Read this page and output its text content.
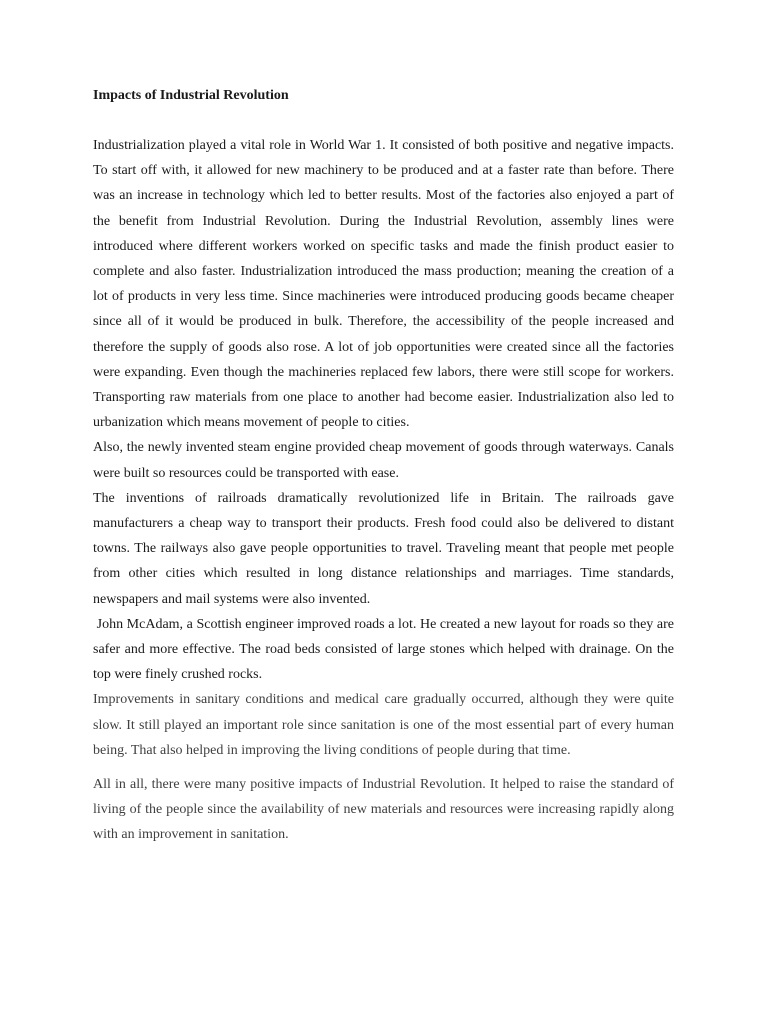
Impacts of Industrial Revolution

Industrialization played a vital role in World War 1. It consisted of both positive and negative impacts. To start off with, it allowed for new machinery to be produced and at a faster rate than before. There was an increase in technology which led to better results. Most of the factories also enjoyed a part of the benefit from Industrial Revolution. During the Industrial Revolution, assembly lines were introduced where different workers worked on specific tasks and made the finish product easier to complete and also faster. Industrialization introduced the mass production; meaning the creation of a lot of products in very less time. Since machineries were introduced producing goods became cheaper since all of it would be produced in bulk. Therefore, the accessibility of the people increased and therefore the supply of goods also rose. A lot of job opportunities were created since all the factories were expanding. Even though the machineries replaced few labors, there were still scope for workers. Transporting raw materials from one place to another had become easier. Industrialization also led to urbanization which means movement of people to cities.

Also, the newly invented steam engine provided cheap movement of goods through waterways. Canals were built so resources could be transported with ease.

The inventions of railroads dramatically revolutionized life in Britain. The railroads gave manufacturers a cheap way to transport their products. Fresh food could also be delivered to distant towns. The railways also gave people opportunities to travel. Traveling meant that people met people from other cities which resulted in long distance relationships and marriages. Time standards, newspapers and mail systems were also invented.

John McAdam, a Scottish engineer improved roads a lot. He created a new layout for roads so they are safer and more effective. The road beds consisted of large stones which helped with drainage. On the top were finely crushed rocks.

Improvements in sanitary conditions and medical care gradually occurred, although they were quite slow. It still played an important role since sanitation is one of the most essential part of every human being. That also helped in improving the living conditions of people during that time.

All in all, there were many positive impacts of Industrial Revolution. It helped to raise the standard of living of the people since the availability of new materials and resources were increasing rapidly along with an improvement in sanitation.
